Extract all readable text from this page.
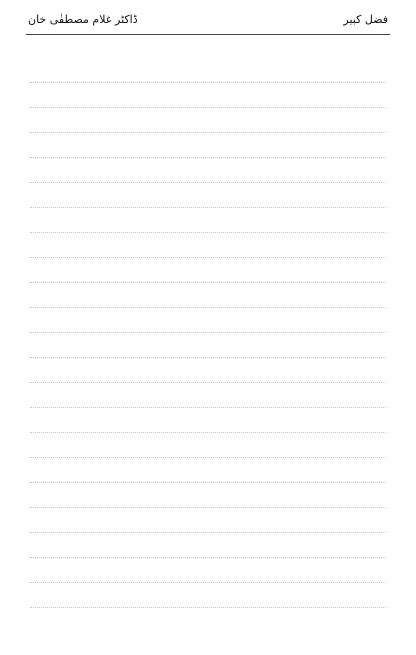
فضل کبیر
ڈاکٹر غلام مصطفٰی خان
